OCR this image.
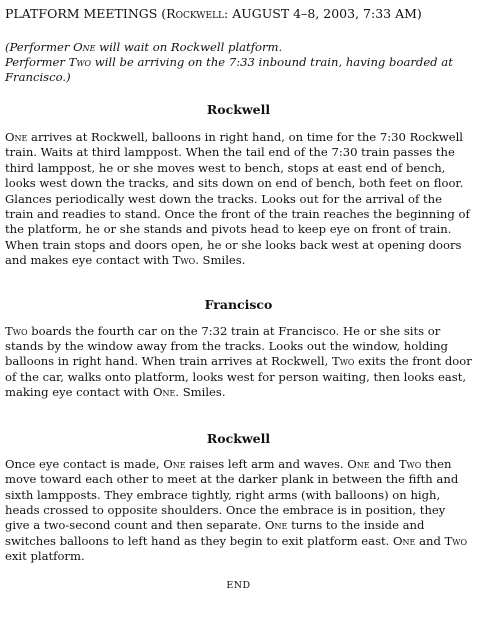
PLATFORM MEETINGS (Rockwell: AUGUST 4–8, 2003, 7:33 AM)

(Performer One will wait on Rockwell platform.
Performer Two will be arriving on the 7:33 inbound train, having boarded at Francisco.)
Rockwell

One arrives at Rockwell, balloons in right hand, on time for the 7:30 Rockwell train. Waits at third lamppost. When the tail end of the 7:30 train passes the third lamppost, he or she moves west to bench, stops at east end of bench, looks west down the tracks, and sits down on end of bench, both feet on floor. Glances periodically west down the tracks. Looks out for the arrival of the train and readies to stand. Once the front of the train reaches the beginning of the platform, he or she stands and pivots head to keep eye on front of train. When train stops and doors open, he or she looks back west at opening doors and makes eye contact with Two. Smiles.

Francisco

Two boards the fourth car on the 7:32 train at Francisco. He or she sits or stands by the window away from the tracks. Looks out the window, holding balloons in right hand. When train arrives at Rockwell, Two exits the front door of the car, walks onto platform, looks west for person waiting, then looks east, making eye contact with One. Smiles.

Rockwell

Once eye contact is made, One raises left arm and waves. One and Two then move toward each other to meet at the darker plank in between the fifth and sixth lampposts. They embrace tightly, right arms (with balloons) on high, heads crossed to opposite shoulders. Once the embrace is in position, they give a two-second count and then separate. One turns to the inside and switches balloons to left hand as they begin to exit platform east. One and Two exit platform.

END
